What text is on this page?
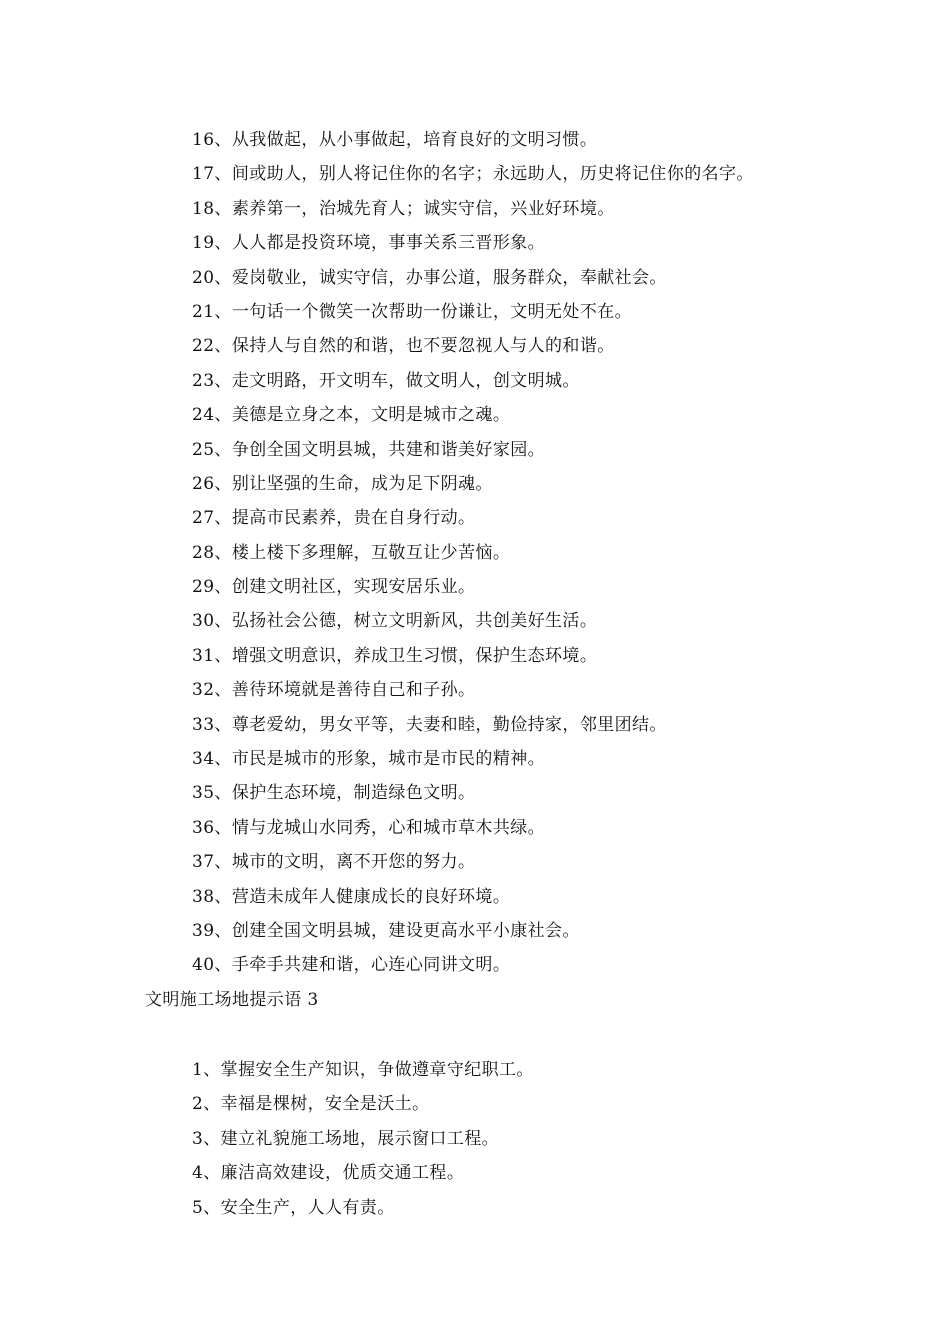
16、从我做起，从小事做起，培育良好的文明习惯。
17、间或助人，别人将记住你的名字；永远助人，历史将记住你的名字。
18、素养第一，治城先育人；诚实守信，兴业好环境。
19、人人都是投资环境，事事关系三晋形象。
20、爱岗敬业，诚实守信，办事公道，服务群众，奉献社会。
21、一句话一个微笑一次帮助一份谦让，文明无处不在。
22、保持人与自然的和谐，也不要忽视人与人的和谐。
23、走文明路，开文明车，做文明人，创文明城。
24、美德是立身之本，文明是城市之魂。
25、争创全国文明县城，共建和谐美好家园。
26、别让坚强的生命，成为足下阴魂。
27、提高市民素养，贵在自身行动。
28、楼上楼下多理解，互敬互让少苦恼。
29、创建文明社区，实现安居乐业。
30、弘扬社会公德，树立文明新风，共创美好生活。
31、增强文明意识，养成卫生习惯，保护生态环境。
32、善待环境就是善待自己和子孙。
33、尊老爱幼，男女平等，夫妻和睦，勤俭持家，邻里团结。
34、市民是城市的形象，城市是市民的精神。
35、保护生态环境，制造绿色文明。
36、情与龙城山水同秀，心和城市草木共绿。
37、城市的文明，离不开您的努力。
38、营造未成年人健康成长的良好环境。
39、创建全国文明县城，建设更高水平小康社会。
40、手牵手共建和谐，心连心同讲文明。
文明施工场地提示语 3
1、掌握安全生产知识，争做遵章守纪职工。
2、幸福是棵树，安全是沃土。
3、建立礼貌施工场地，展示窗口工程。
4、廉洁高效建设，优质交通工程。
5、安全生产，人人有责。
